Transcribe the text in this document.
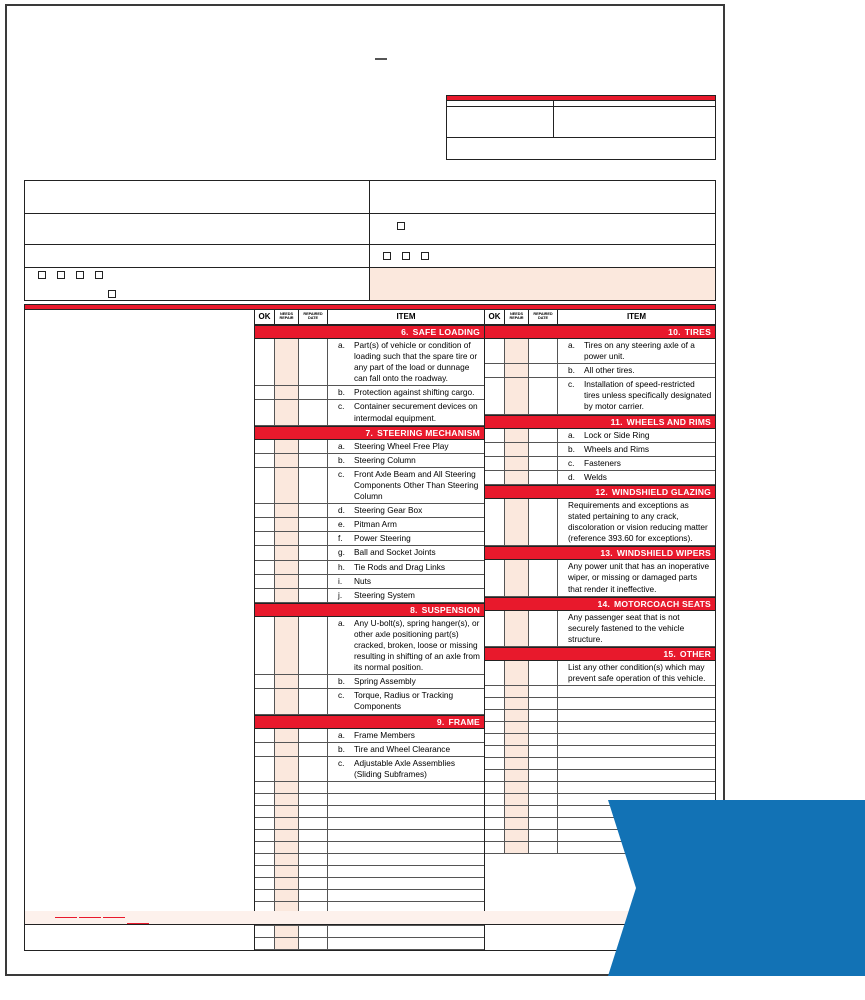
OK	NEEDS
REPAIR
REPAIRED
DATE	ITEM
6. SAFE LOADING
a. Part(s) of vehicle or condition of loading such that the spare tire or any part of the load or dunnage can fall onto the roadway.
b. Protection against shifting cargo.
c. Container securement devices on intermodal equipment.
7. STEERING MECHANISM
a. Steering Wheel Free Play
b. Steering Column
c. Front Axle Beam and All Steering Components Other Than Steering Column
d. Steering Gear Box
e. Pitman Arm
f. Power Steering
g. Ball and Socket Joints
h. Tie Rods and Drag Links
i. Nuts
j. Steering System
8. SUSPENSION
a. Any U-bolt(s), spring hanger(s), or other axle positioning part(s) cracked, broken, loose or missing resulting in shifting of an axle from its normal position.
b. Spring Assembly
c. Torque, Radius or Tracking Components
9. FRAME
a. Frame Members
b. Tire and Wheel Clearance
c. Adjustable Axle Assemblies (Sliding Subframes)
OK	NEEDS
REPAIR
REPAIRED
DATE	ITEM
10. TIRES
a. Tires on any steering axle of a power unit.
b. All other tires.
c. Installation of speed-restricted tires unless specifically designated by motor carrier.
11. WHEELS AND RIMS
a. Lock or Side Ring
b. Wheels and Rims
c. Fasteners
d. Welds
12. WINDSHIELD GLAZING
Requirements and exceptions as stated pertaining to any crack, discoloration or vision reducing matter (reference 393.60 for exceptions).
13. WINDSHIELD WIPERS
Any power unit that has an inoperative wiper, or missing or damaged parts that render it ineffective.
14. MOTORCOACH SEATS
Any passenger seat that is not securely fastened to the vehicle structure.
15. OTHER
List any other condition(s) which may prevent safe operation of this vehicle.
